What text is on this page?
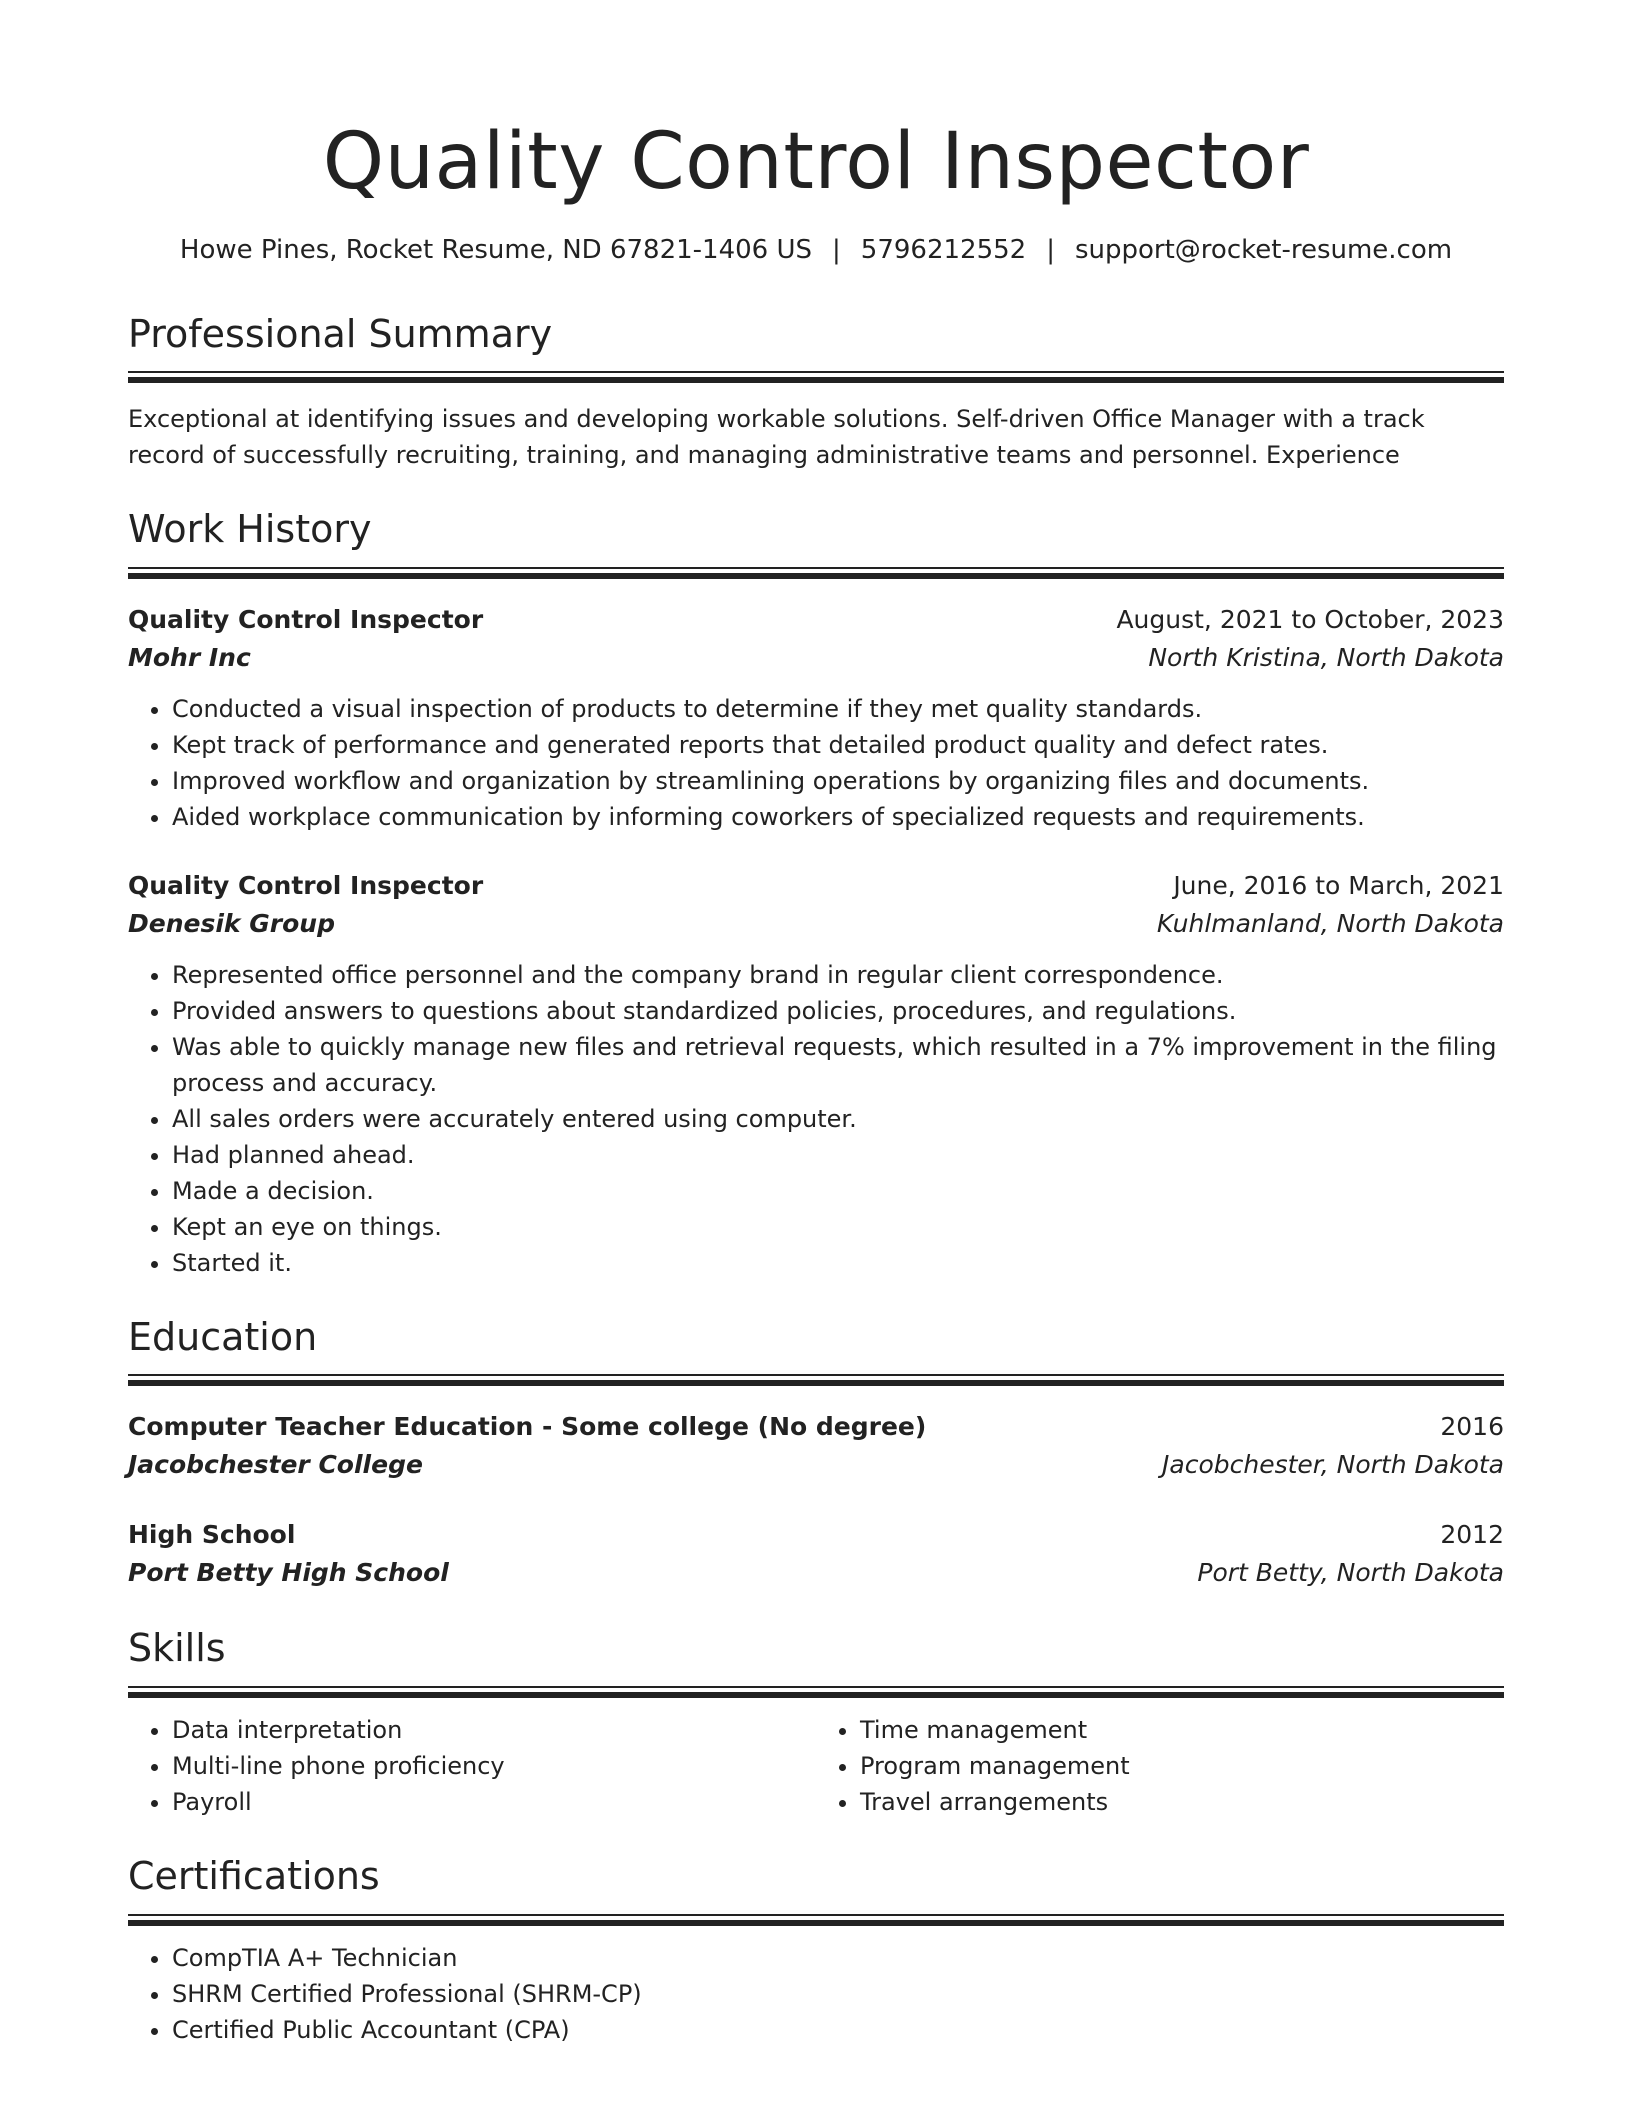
Quality Control Inspector
Howe Pines, Rocket Resume, ND 67821-1406 US | 5796212552 | support@rocket-resume.com
Professional Summary
Exceptional at identifying issues and developing workable solutions. Self-driven Office Manager with a track record of successfully recruiting, training, and managing administrative teams and personnel. Experience
Work History
Quality Control Inspector	August, 2021 to October, 2023
Mohr Inc	North Kristina, North Dakota
• Conducted a visual inspection of products to determine if they met quality standards.
• Kept track of performance and generated reports that detailed product quality and defect rates.
• Improved workflow and organization by streamlining operations by organizing files and documents.
• Aided workplace communication by informing coworkers of specialized requests and requirements.
Quality Control Inspector	June, 2016 to March, 2021
Denesik Group	Kuhlmanland, North Dakota
• Represented office personnel and the company brand in regular client correspondence.
• Provided answers to questions about standardized policies, procedures, and regulations.
• Was able to quickly manage new files and retrieval requests, which resulted in a 7% improvement in the filing process and accuracy.
• All sales orders were accurately entered using computer.
• Had planned ahead.
• Made a decision.
• Kept an eye on things.
• Started it.
Education
Computer Teacher Education - Some college (No degree)	2016
Jacobchester College	Jacobchester, North Dakota
High School	2012
Port Betty High School	Port Betty, North Dakota
Skills
• Data interpretation
• Multi-line phone proficiency
• Payroll
• Time management
• Program management
• Travel arrangements
Certifications
• CompTIA A+ Technician
• SHRM Certified Professional (SHRM-CP)
• Certified Public Accountant (CPA)
